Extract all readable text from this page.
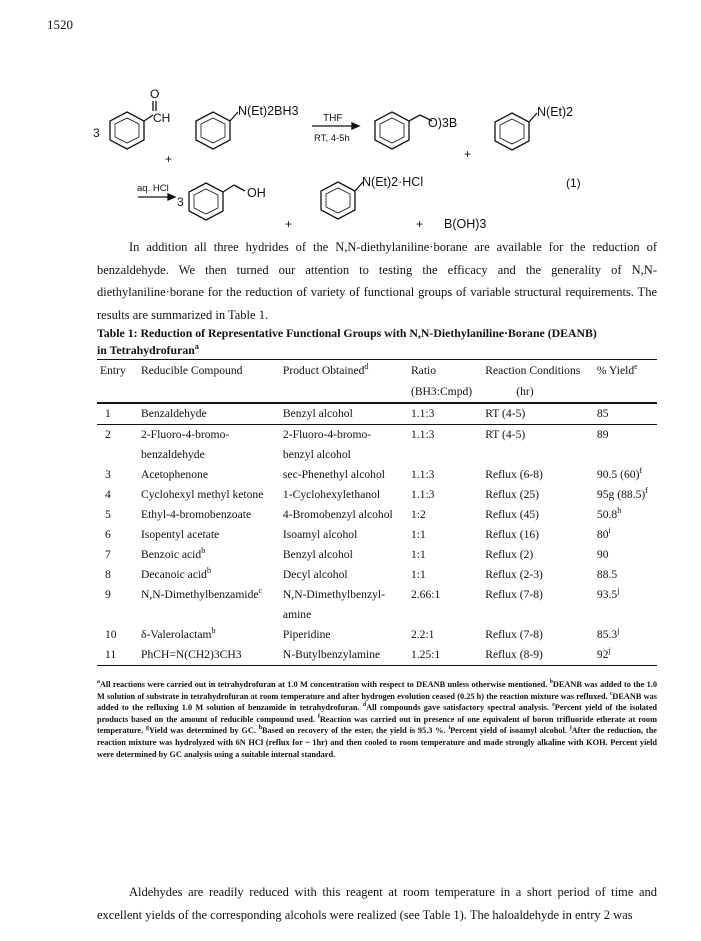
1520
3
O
CH
+
N(Et)2BH3
THF
RT, 4-5h
O)3B
+
N(Et)2
(1)
aq. HCl
3
OH
+
N(Et)2·HCl
+ B(OH)3

In addition all three hydrides of the N,N-diethylaniline·borane are available for the reduction of benzaldehyde. We then turned our attention to testing the efficacy and the generality of N,N- diethylaniline·borane for the reduction of variety of functional groups of variable structural requirements. The results are summarized in Table 1.

Table 1: Reduction of Representative Functional Groups with N,N-Diethylaniline·Borane (DEANB)
in Tetrahydrofuran$^a$
Entry	Reducible Compound	Product Obtained$^d$	Ratio	Reaction Conditions	% Yield$^e$
			(BH3:Cmpd)	(hr)	
1	Benzaldehyde	Benzyl alcohol	1.1:3	RT (4-5)	85
2	2-Fluoro-4-bromo-	2-Fluoro-4-bromo-	1.1:3	RT (4-5)	89
	benzaldehyde	benzyl alcohol			
3	Acetophenone	sec-Phenethyl alcohol	1.1:3	Reflux (6-8)	90.5 $(60)^f$
4	Cyclohexyl methyl ketone	1-Cyclohexylethanol	1.1:3	Reflux (25)	95g $(88.5)^f$
5	Ethyl-4-bromobenzoate	4-Bromobenzyl alcohol	1:2	Reflux (45)	50.8$^h$
6	Isopentyl acetate	Isoamyl alcohol	1:1	Reflux (16)	80$^i$
7	Benzoic acid$^b$	Benzyl alcohol	1:1	Reflux (2)	90
8	Decanoic acid$^b$	Decyl alcohol	1:1	Reflux (2-3)	88.5
9	N,N-Dimethylbenzamide$^c$	N,N-Dimethylbenzyl-	2.66:1	Reflux (7-8)	93.5$^j$
		amine			
10	δ-Valerolactam$^b$	Piperidine	2.2:1	Reflux (7-8)	85.3$^j$
11	PhCH=N(CH2)3CH3	N-Butylbenzylamine	1.25:1	Reflux (8-9)	92$^j$
$^a$All reactions were carried out in tetrahydrofuran at 1.0 M concentration with respect to DEANB unless otherwise mentioned. $^b$DEANB was added to the 1.0 M solution of substrate in tetrahydrofuran at room temperature and after hydrogen evolution ceased (0.25 h) the reaction mixture was refluxed. $^c$DEANB was added to the refluxing 1.0 M solution of benzamide in tetrahydrofuran. $^d$All compounds gave satisfactory spectral analysis. $^e$Percent yield of the isolated products based on the amount of reducible compound used. $^f$Reaction was carried out in presence of one equivalent of boron trifluoride etherate at room temperature. $^g$Yield was determined by GC. $^h$Based on recovery of the ester, the yield is 95.3 %. $^i$Percent yield of isoamyl alcohol. $^j$After the reduction, the reaction mixture was hydrolyzed with 6N HCl (reflux for ~ 1hr) and then cooled to room temperature and made strongly alkaline with KOH. Percent yield were determined by GC analysis using a suitable internal standard.

Aldehydes are readily reduced with this reagent at room temperature in a short period of time and excellent yields of the corresponding alcohols were realized (see Table 1). The haloaldehyde in entry 2 was
